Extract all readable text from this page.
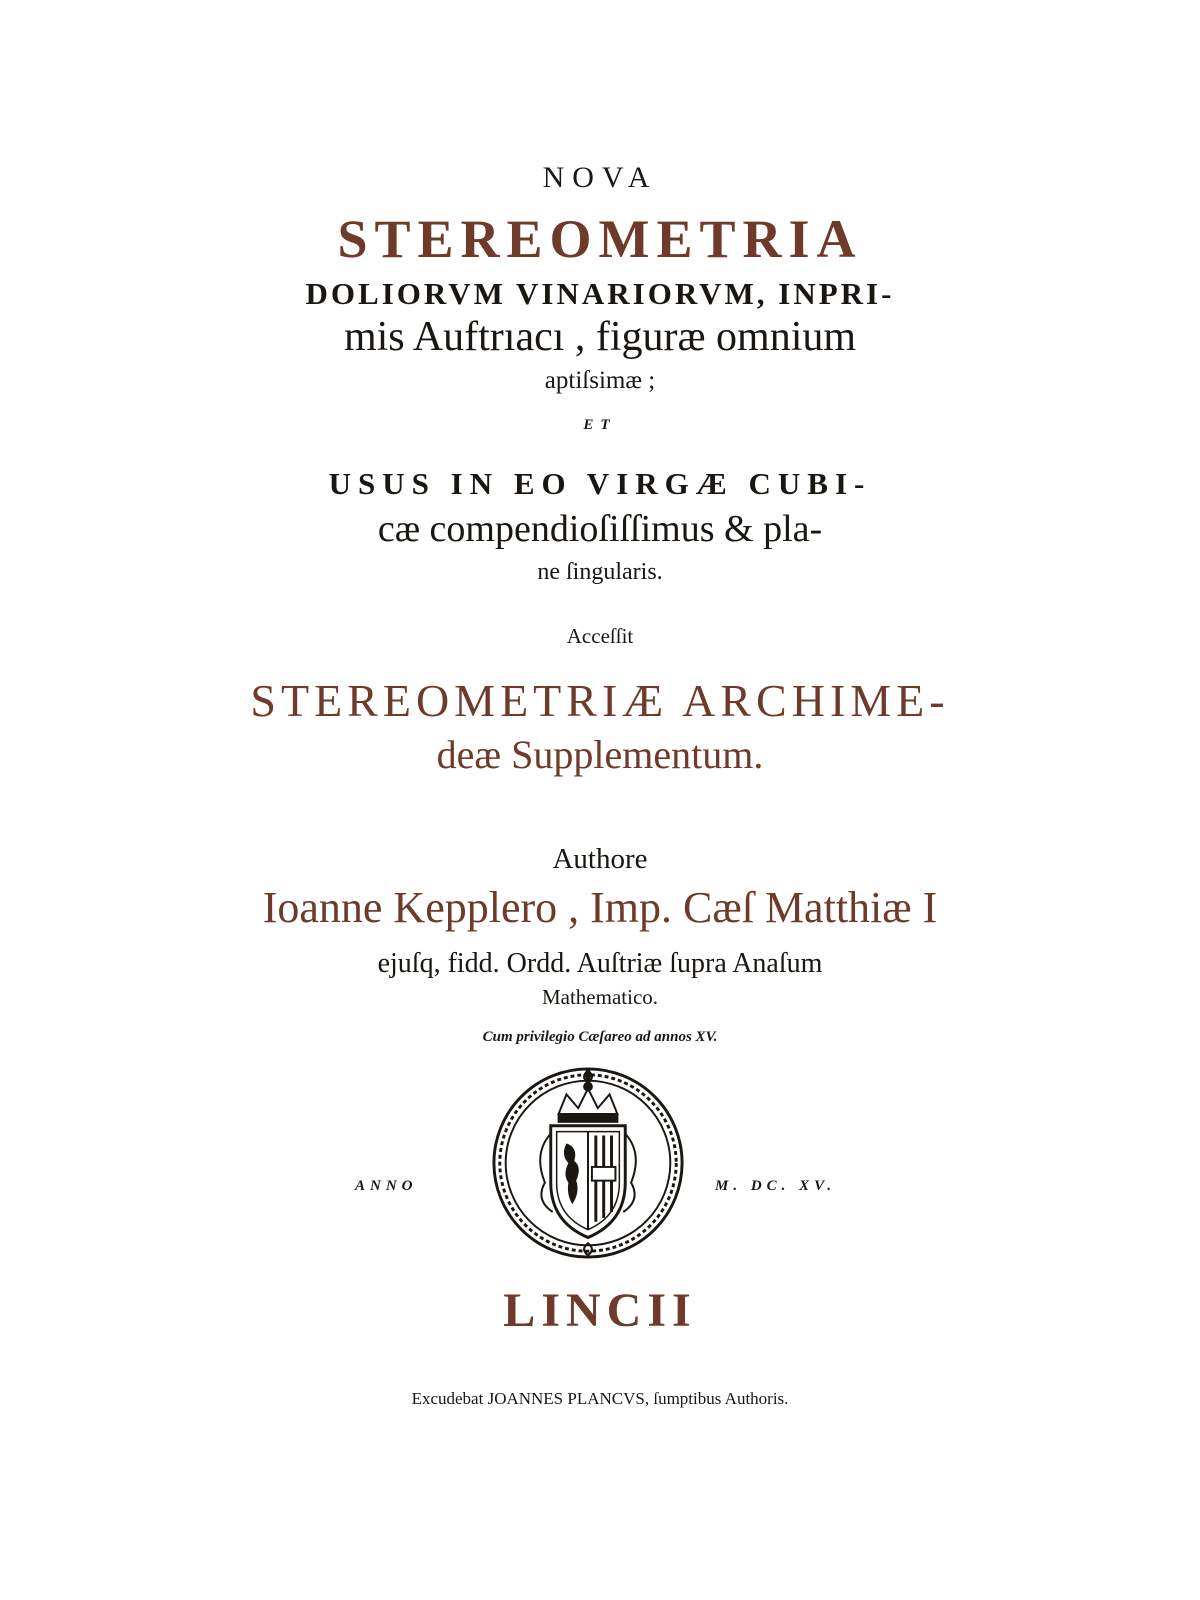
NOVA
STEREOMETRIA
DOLIORVM VINARIORVM, INPRI-
mis Auftrıacı , figuræ omnium
aptiſsimæ ;
ET
USUS IN EO VIRGÆ CUBI-
cæ compendioſiſſimus & pla-
ne ſingularis.
Acceſſit
STEREOMETRIÆ ARCHIME-
deæ Supplementum.
Authore
Ioanne Kepplero , Imp. Cæſ Matthiæ I
ejuſq, fidd. Ordd. Auſtriæ ſupra Anaſum
Mathematico.
Cum privilegio Cæſareo ad annos XV.
ANNO	M. DC. XV.
LINCII
Excudebat JOANNES PLANCVS, ſumptibus Authoris.
